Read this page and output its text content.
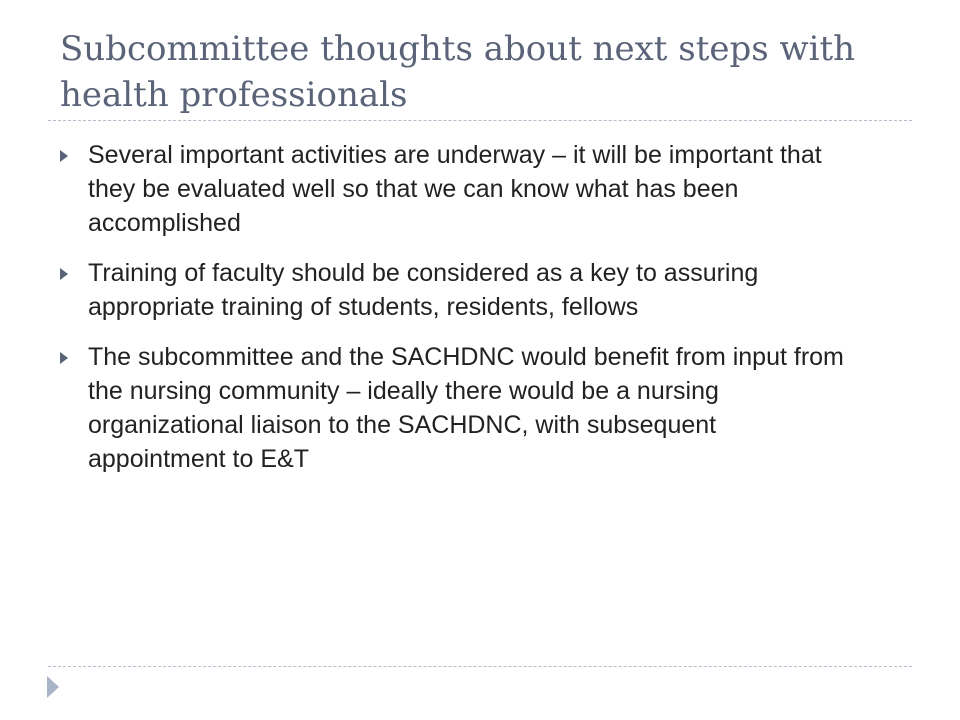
Subcommittee thoughts about next steps with health professionals
Several important activities are underway – it will be important that they be evaluated well so that we can know what has been accomplished
Training of faculty should be considered as a key to assuring appropriate training of students, residents, fellows
The subcommittee and the SACHDNC would benefit from input from the nursing community – ideally there would be a nursing organizational liaison to the SACHDNC, with subsequent appointment to E&T
